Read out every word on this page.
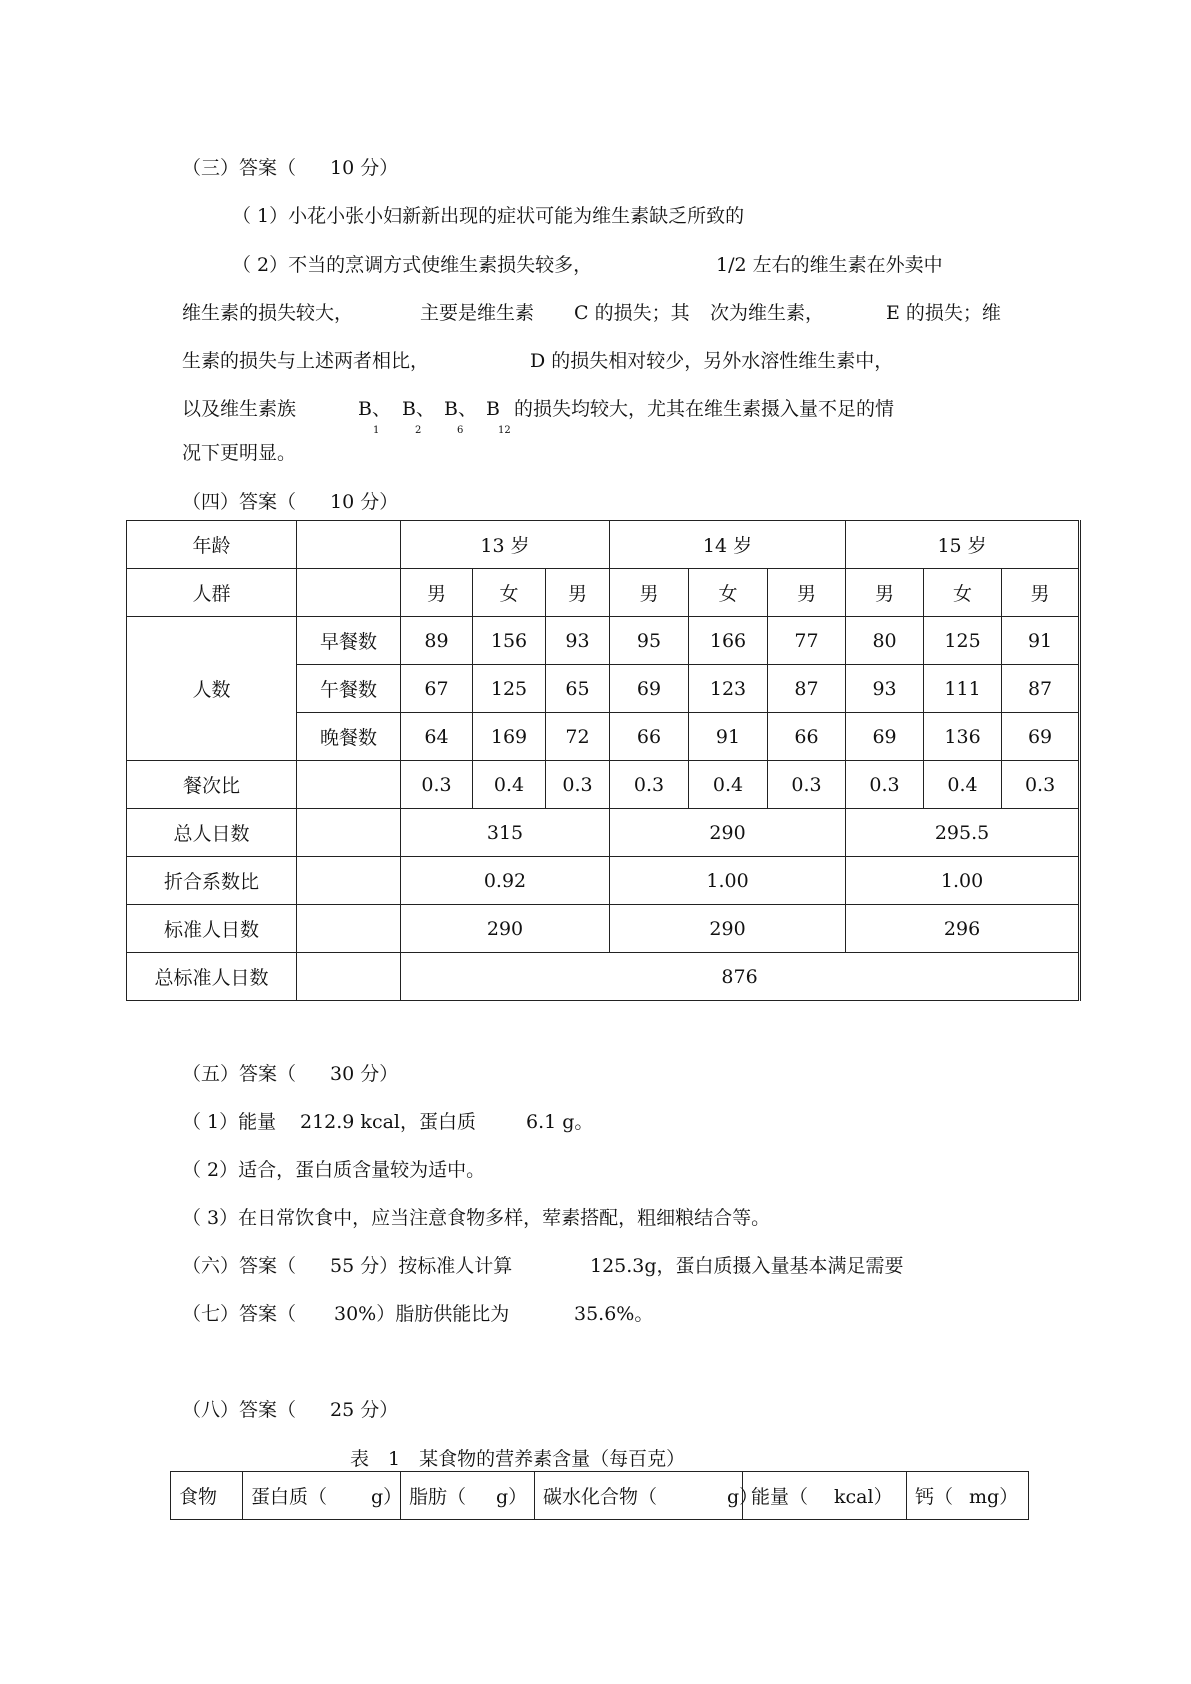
（三）答案（ 10 分）
（ 1）小花小张小妇新新出现的症状可能为维生素缺乏所致的
（ 2）不当的烹调方式使维生素损失较多，	1/2 左右的维生素在外卖中
维生素的损失较大，	主要是维生素 C 的损失；其 次为维生素，	E 的损失；维
生素的损失与上述两者相比，	D 的损失相对较少，另外水溶性维生素中，
以及维生素族	B、 B、 B、 B 的损失均较大，尤其在维生素摄入量不足的情
1	2	6	12
况下更明显。
（四）答案（ 10 分）
年龄		13 岁			14 岁			15 岁		
人群		男	女	男	男	女	男	男	女	男
人数	早餐数	89	156	93	95	166	77	80	125	91
	午餐数	67	125	65	69	123	87	93	111	87
	晚餐数	64	169	72	66	91	66	69	136	69
餐次比		0.3	0.4	0.3	0.3	0.4	0.3	0.3	0.4	0.3
总人日数		315			290			295.5		
折合系数比		0.92			1.00			1.00		
标准人日数		290			290			296		
总标准人日数		876								
（五）答案（ 30 分）
（ 1）能量 212.9 kcal，蛋白质	6.1 g。
（ 2）适合，蛋白质含量较为适中。
（ 3）在日常饮食中，应当注意食物多样，荤素搭配，粗细粮结合等。
（六）答案（ 55 分）按标准人计算	125.3g，蛋白质摄入量基本满足需要
（七）答案（ 30%）脂肪供能比为	35.6%。
（八）答案（ 25 分）
表　1　某食物的营养素含量（每百克）
食物	蛋白质（ g）	脂肪（ g）	碳水化合物（	g）	能量（ kcal）	钙（ mg）
